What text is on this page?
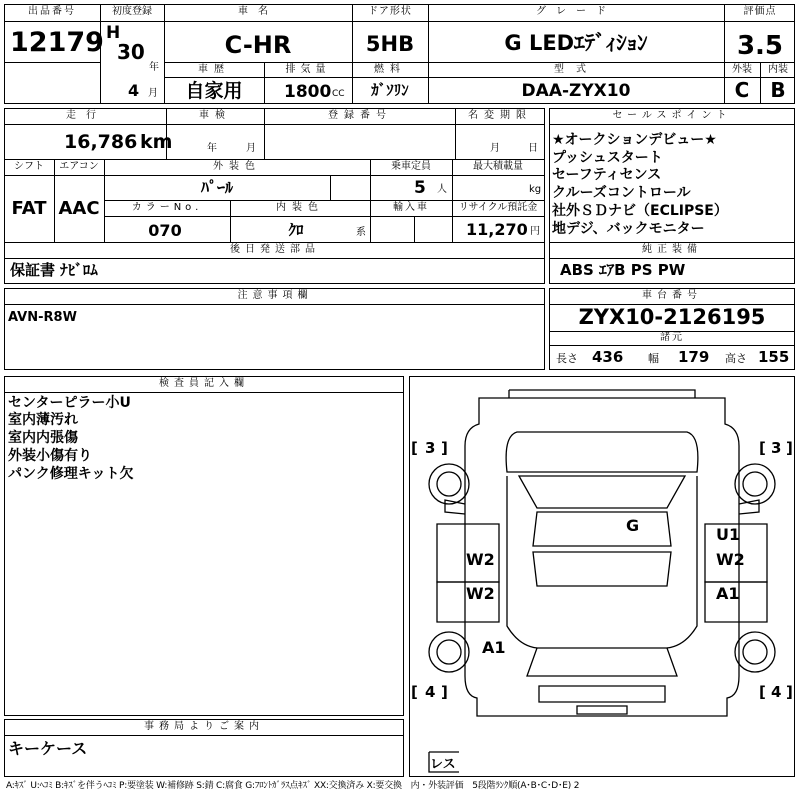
出品番号
12179
初度登録
H
30
年
4 月
車名
C-HR
車歴
自家用
排気量
1800 CC
ドア形状
5HB
燃料
ｶﾞｿﾘﾝ
グレード
G LEDｴﾃﾞｨｼｮﾝ
型式
DAA-ZYX10
評価点
3.5
外装
C
内装
B
走行
16,786 km
車検
年	月
登録番号	名変期限
月	日
シフト
FAT
エアコン
AAC
外装色
ﾊﾟｰﾙ
乗車定員
5 人
最大積載量
kg
カラーNo.
070
内装色
ｸﾛ	系
輸入車	リサイクル預託金
11,270 円
後日発送部品
保証書 ﾅﾋﾞﾛﾑ
セールスポイント
★オークションデビュー★
プッシュスタート
セーフティセンス
クルーズコントロール
社外ＳＤナビ（ECLIPSE）
地デジ、バックモニター
純正装備
ABS ｴｱB PS PW
注意事項欄
AVN-R8W
車台番号
ZYX10-2126195
諸元
長さ 436 幅 179 高さ 155
検査員記入欄
センターピラー小U
室内薄汚れ
室内内張傷
外装小傷有り
パンク修理キット欠
事務局よりご案内
キーケース
[ 3 ]	[ 3 ]
[ 4 ]	[ 4 ]
レス
G
W2
W2
A1
U1
W2
A1
A:ｷｽﾞ U:ﾍｺﾐ B:ｷｽﾞを伴うﾍｺﾐ P:要塗装 W:補修跡 S:錆 C:腐食 G:ﾌﾛﾝﾄｶﾞﾗｽ点ｷｽﾞ XX:交換済み X:要交換　内・外装評価　5段階ﾗﾝｸ順(A･B･C･D･E) 2
